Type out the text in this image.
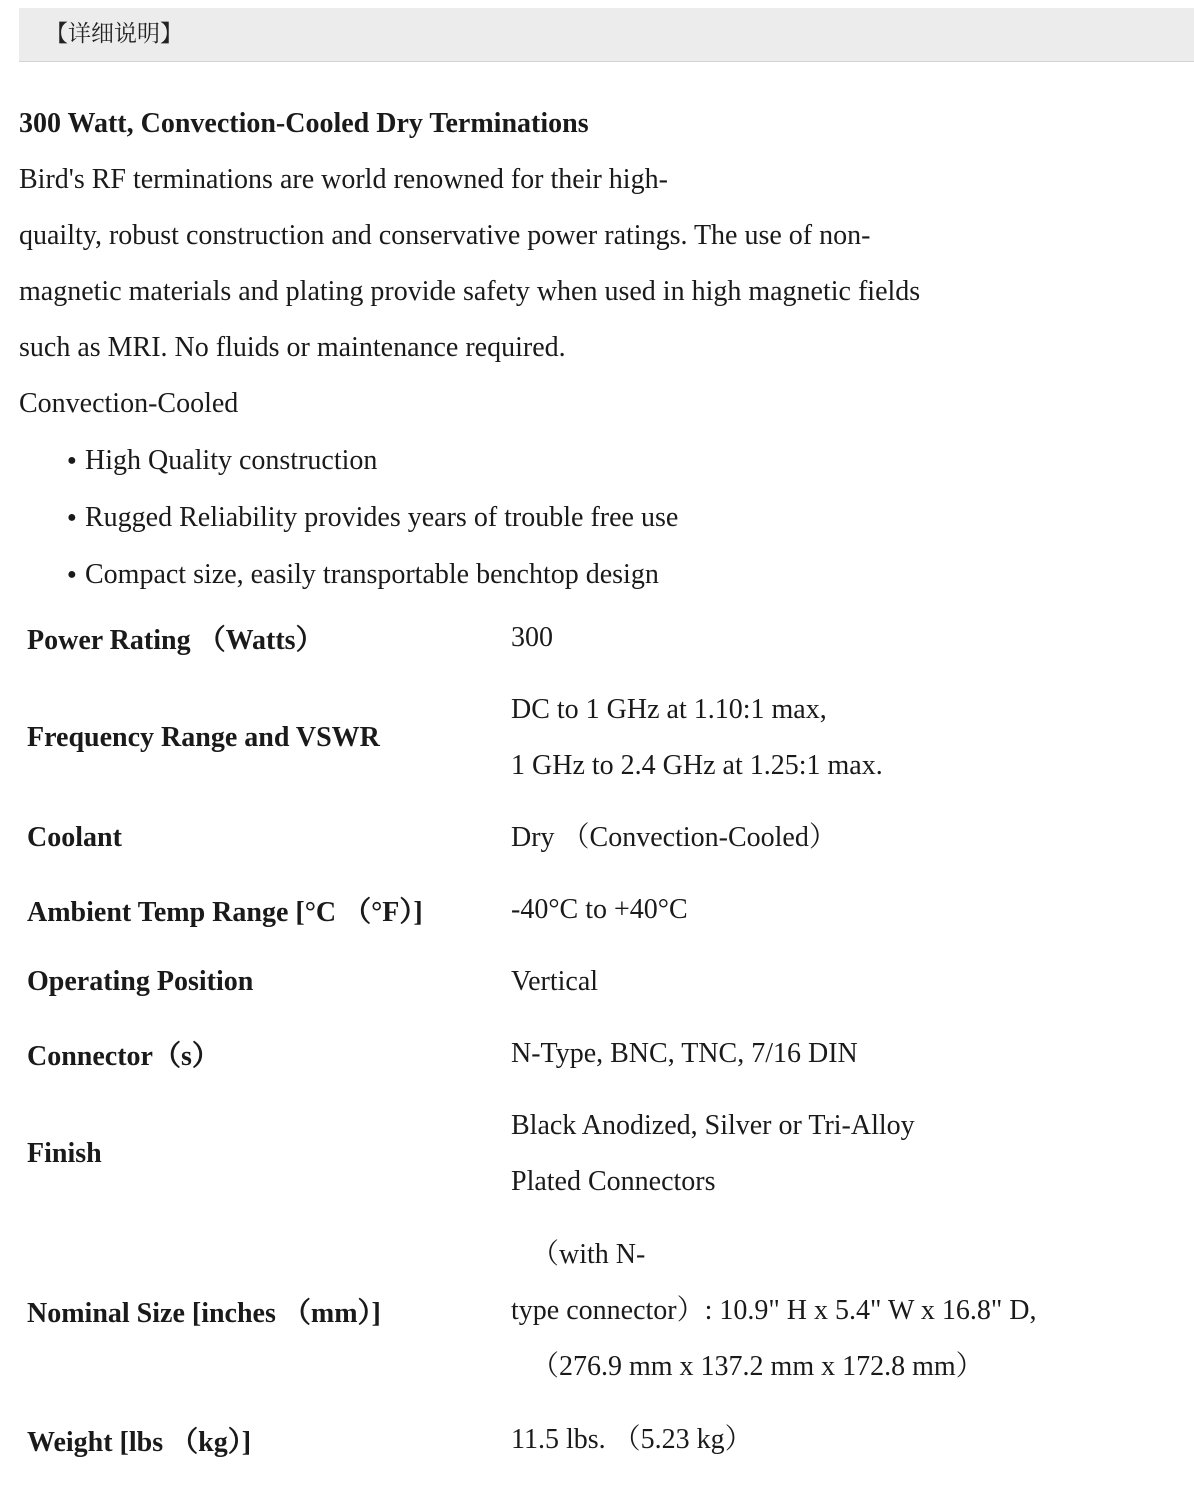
【详细说明】
300 Watt, Convection-Cooled Dry Terminations
Bird's RF terminations are world renowned for their high-
quailty, robust construction and conservative power ratings. The use of non-
magnetic materials and plating provide safety when used in high magnetic fields
such as MRI. No fluids or maintenance required.
Convection-Cooled
● High Quality construction
● Rugged Reliability provides years of trouble free use
● Compact size, easily transportable benchtop design
Power Rating （Watts）	300

Frequency Range and VSWR	DC to 1 GHz at 1.10:1 max,
1 GHz to 2.4 GHz at 1.25:1 max.

Coolant	Dry （Convection-Cooled）

Ambient Temp Range [°C （°F）]	-40°C to +40°C

Operating Position	Vertical

Connector（s）	N-Type, BNC, TNC, 7/16 DIN

Finish	Black Anodized, Silver or Tri-Alloy
Plated Connectors

Nominal Size [inches （mm）]	（with N-
type connector）: 10.9" H x 5.4" W x 16.8" D,
（276.9 mm x 137.2 mm x 172.8 mm）

Weight [lbs （kg）]	11.5 lbs. （5.23 kg）
